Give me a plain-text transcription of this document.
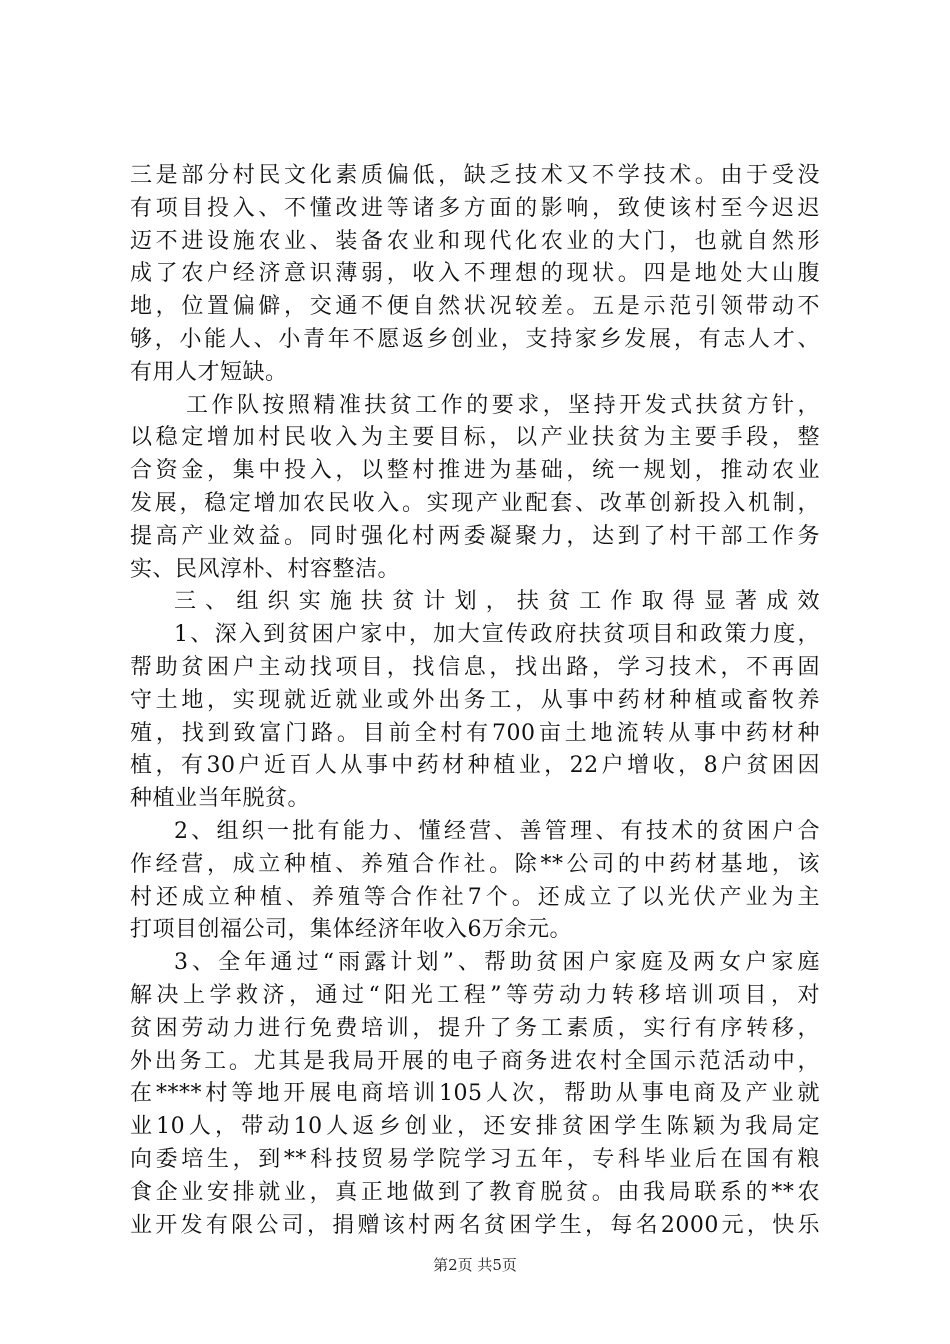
三是部分村民文化素质偏低，缺乏技术又不学技术。由于受没
有项目投入、不懂改进等诸多方面的影响，致使该村至今迟迟
迈不进设施农业、装备农业和现代化农业的大门，也就自然形
成了农户经济意识薄弱，收入不理想的现状。四是地处大山腹
地，位置偏僻，交通不便自然状况较差。五是示范引领带动不
够，小能人、小青年不愿返乡创业，支持家乡发展，有志人才、
有用人才短缺。
工作队按照精准扶贫工作的要求，坚持开发式扶贫方针，
以稳定增加村民收入为主要目标，以产业扶贫为主要手段，整
合资金，集中投入，以整村推进为基础，统一规划，推动农业
发展，稳定增加农民收入。实现产业配套、改革创新投入机制，
提高产业效益。同时强化村两委凝聚力，达到了村干部工作务
实、民风淳朴、村容整洁。
三、组织实施扶贫计划，扶贫工作取得显著成效
1、深入到贫困户家中，加大宣传政府扶贫项目和政策力度，
帮助贫困户主动找项目，找信息，找出路，学习技术，不再固
守土地，实现就近就业或外出务工，从事中药材种植或畜牧养
殖，找到致富门路。目前全村有700亩土地流转从事中药材种
植，有30户近百人从事中药材种植业，22户增收，8户贫困因
种植业当年脱贫。
2、组织一批有能力、懂经营、善管理、有技术的贫困户合
作经营，成立种植、养殖合作社。除**公司的中药材基地，该
村还成立种植、养殖等合作社7个。还成立了以光伏产业为主
打项目创福公司，集体经济年收入6万余元。
3、全年通过“雨露计划”、帮助贫困户家庭及两女户家庭
解决上学救济，通过“阳光工程”等劳动力转移培训项目，对
贫困劳动力进行免费培训，提升了务工素质，实行有序转移，
外出务工。尤其是我局开展的电子商务进农村全国示范活动中，
在****村等地开展电商培训105人次，帮助从事电商及产业就
业10人，带动10人返乡创业，还安排贫困学生陈颖为我局定
向委培生，到**科技贸易学院学习五年，专科毕业后在国有粮
食企业安排就业，真正地做到了教育脱贫。由我局联系的**农
业开发有限公司，捐赠该村两名贫困学生，每名2000元，快乐
第2页 共5页
